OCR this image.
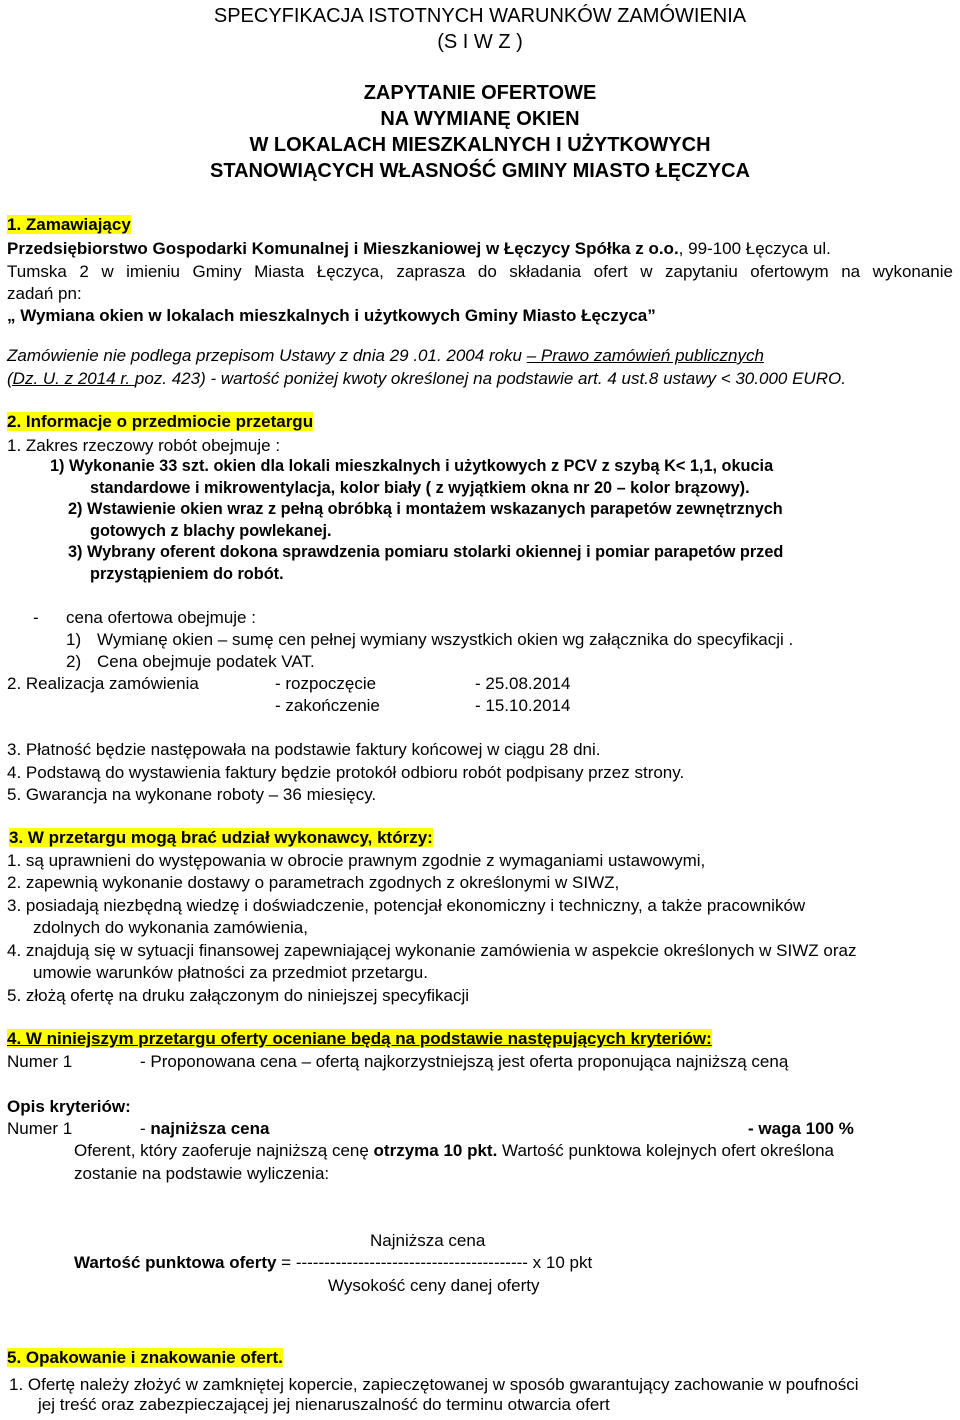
SPECYFIKACJA ISTOTNYCH WARUNKÓW ZAMÓWIENIA
(S I W Z )
ZAPYTANIE OFERTOWE
NA WYMIANĘ OKIEN
W LOKALACH MIESZKALNYCH I UŻYTKOWYCH
STANOWIĄCYCH WŁASNOŚĆ GMINY MIASTO ŁĘCZYCA
1. Zamawiający
Przedsiębiorstwo Gospodarki Komunalnej i Mieszkaniowej w Łęczycy Spółka z o.o., 99-100 Łęczyca ul.
Tumska 2 w imieniu Gminy Miasta Łęczyca, zaprasza do składania ofert w zapytaniu ofertowym na wykonanie
zadań pn:
„ Wymiana okien w lokalach mieszkalnych i użytkowych Gminy Miasto Łęczyca”
Zamówienie nie podlega przepisom Ustawy z dnia 29 .01. 2004 roku – Prawo zamówień publicznych
(Dz. U. z 2014 r. poz. 423) - wartość poniżej kwoty określonej na podstawie art. 4 ust.8 ustawy < 30.000 EURO.
2. Informacje o przedmiocie przetargu
1. Zakres rzeczowy robót obejmuje :
1) Wykonanie 33 szt. okien dla lokali mieszkalnych i użytkowych z PCV z szybą K< 1,1, okucia
standardowe i mikrowentylacja, kolor biały ( z wyjątkiem okna nr 20 – kolor brązowy).
2) Wstawienie okien wraz z pełną obróbką i montażem wskazanych parapetów zewnętrznych
gotowych z blachy powlekanej.
3) Wybrany oferent dokona sprawdzenia pomiaru stolarki okiennej i pomiar parapetów przed
przystąpieniem do robót.
- cena ofertowa obejmuje :
1) Wymianę okien – sumę cen pełnej wymiany wszystkich okien wg załącznika do specyfikacji .
2) Cena obejmuje podatek VAT.
2. Realizacja zamówienia	- rozpoczęcie	- 25.08.2014
- zakończenie	- 15.10.2014
3. Płatność będzie następowała na podstawie faktury końcowej w ciągu 28 dni.
4. Podstawą do wystawienia faktury będzie protokół odbioru robót podpisany przez strony.
5. Gwarancja na wykonane roboty – 36 miesięcy.
3. W przetargu mogą brać udział wykonawcy, którzy:
1. są uprawnieni do występowania w obrocie prawnym zgodnie z wymaganiami ustawowymi,
2. zapewnią wykonanie dostawy o parametrach zgodnych z określonymi w SIWZ,
3. posiadają niezbędną wiedzę i doświadczenie, potencjał ekonomiczny i techniczny, a także pracowników
zdolnych do wykonania zamówienia,
4. znajdują się w sytuacji finansowej zapewniającej wykonanie zamówienia w aspekcie określonych w SIWZ oraz
umowie warunków płatności za przedmiot przetargu.
5. złożą ofertę na druku załączonym do niniejszej specyfikacji
4. W niniejszym przetargu oferty oceniane będą na podstawie następujących kryteriów:
Numer 1	- Proponowana cena – ofertą najkorzystniejszą jest oferta proponująca najniższą ceną
Opis kryteriów:
Numer 1	- najniższa cena	- waga 100 %
Oferent, który zaoferuje najniższą cenę otrzyma 10 pkt. Wartość punktowa kolejnych ofert określona
zostanie na podstawie wyliczenia:
Najniższa cena
Wartość punktowa oferty = ----------------------------------------- x 10 pkt
Wysokość ceny danej oferty
5. Opakowanie i znakowanie ofert.
1. Ofertę należy złożyć w zamkniętej kopercie, zapieczętowanej w sposób gwarantujący zachowanie w poufności
jej treść oraz zabezpieczającej jej nienaruszalność do terminu otwarcia ofert
